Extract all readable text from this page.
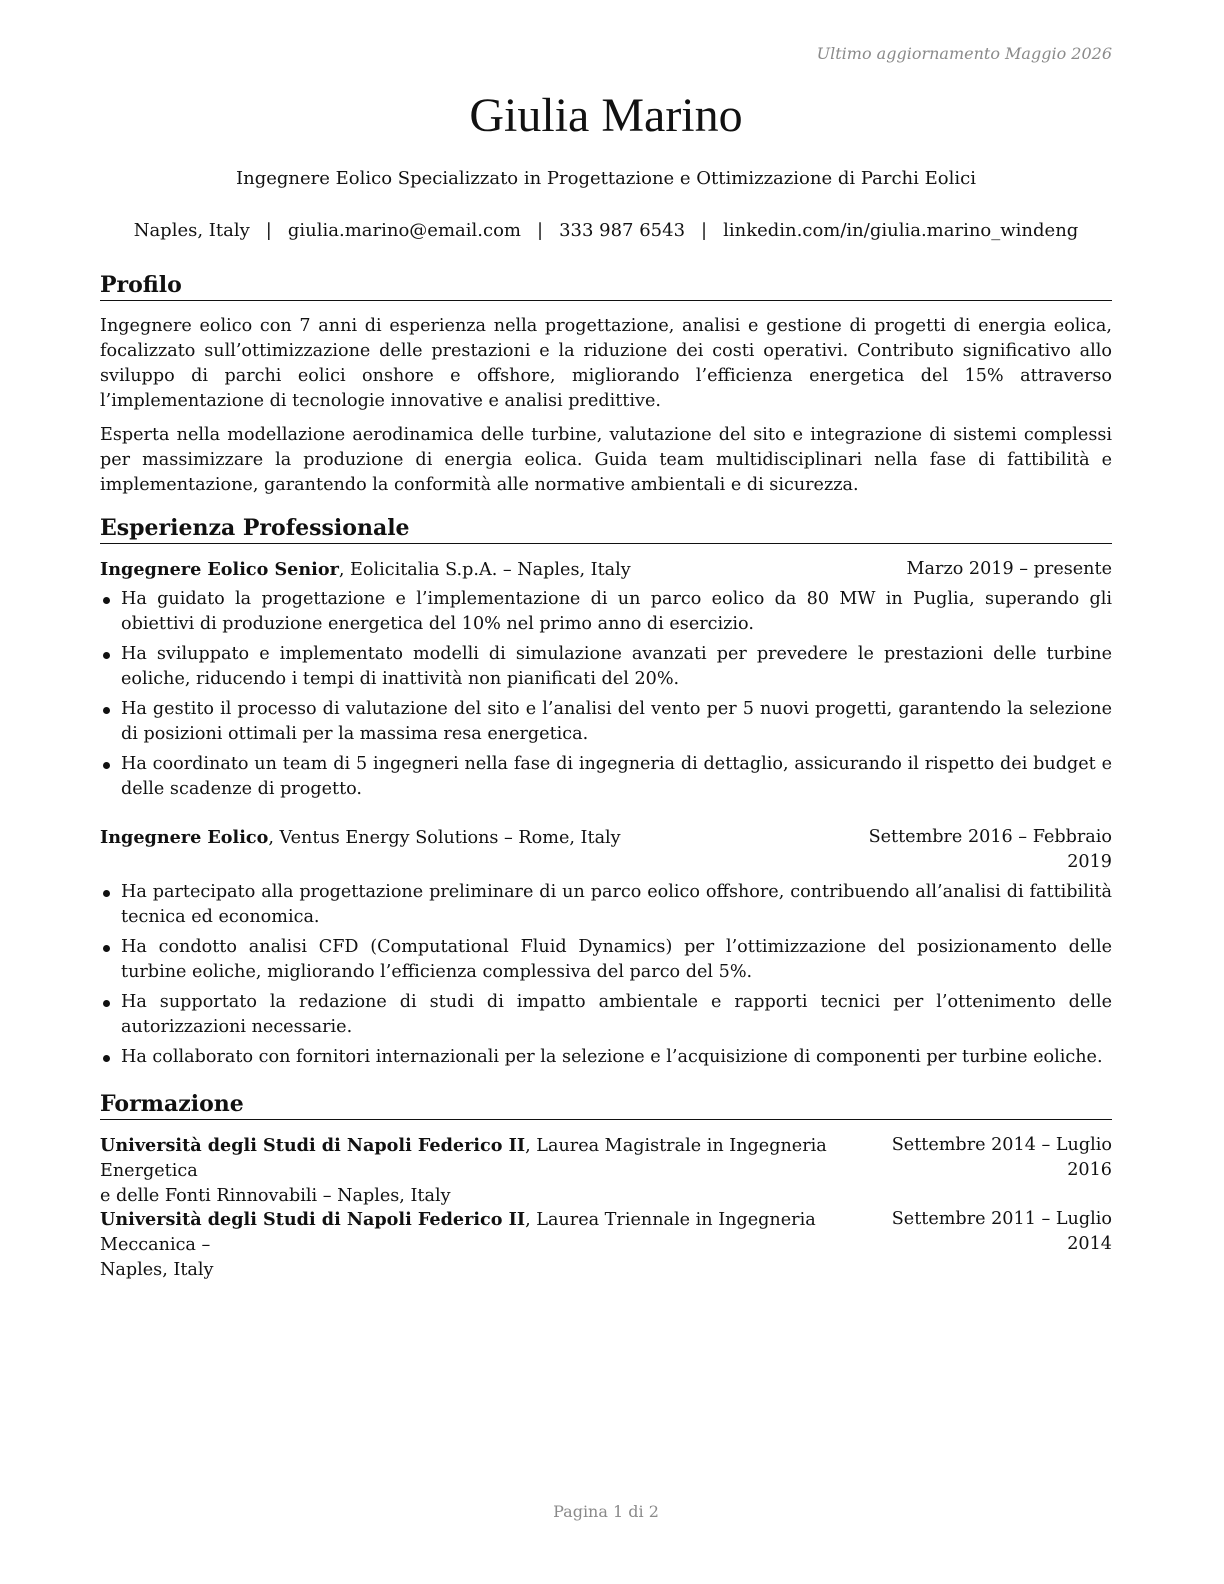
Ultimo aggiornamento Maggio 2026
Giulia Marino
Ingegnere Eolico Specializzato in Progettazione e Ottimizzazione di Parchi Eolici
Naples, Italy | giulia.marino@email.com | 333 987 6543 | linkedin.com/in/giulia.marino_windeng
Profilo

Ingegnere eolico con 7 anni di esperienza nella progettazione, analisi e gestione di progetti di energia eolica, focalizzato sull’ottimizzazione delle prestazioni e la riduzione dei costi operativi. Contributo significativo allo sviluppo di parchi eolici onshore e offshore, migliorando l’efficienza energetica del 15% attraverso l’implementazione di tecnologie innovative e analisi predittive.

Esperta nella modellazione aerodinamica delle turbine, valutazione del sito e integrazione di sistemi complessi per massimizzare la produzione di energia eolica. Guida team multidisciplinari nella fase di fattibilità e implementazione, garantendo la conformità alle normative ambientali e di sicurezza.

Esperienza Professionale
Ingegnere Eolico Senior, Eolicitalia S.p.A. – Naples, Italy	Marzo 2019 – presente
Ha guidato la progettazione e l’implementazione di un parco eolico da 80 MW in Puglia, superando gli obiettivi di produzione energetica del 10% nel primo anno di esercizio.
Ha sviluppato e implementato modelli di simulazione avanzati per prevedere le prestazioni delle turbine eoliche, riducendo i tempi di inattività non pianificati del 20%.
Ha gestito il processo di valutazione del sito e l’analisi del vento per 5 nuovi progetti, garantendo la selezione di posizioni ottimali per la massima resa energetica.
Ha coordinato un team di 5 ingegneri nella fase di ingegneria di dettaglio, assicurando il rispetto dei budget e delle scadenze di progetto.
Ingegnere Eolico, Ventus Energy Solutions – Rome, Italy	Settembre 2016 – Febbraio
2019
Ha partecipato alla progettazione preliminare di un parco eolico offshore, contribuendo all’analisi di fattibilità tecnica ed economica.
Ha condotto analisi CFD (Computational Fluid Dynamics) per l’ottimizzazione del posizionamento delle turbine eoliche, migliorando l’efficienza complessiva del parco del 5%.
Ha supportato la redazione di studi di impatto ambientale e rapporti tecnici per l’ottenimento delle autorizzazioni necessarie.
Ha collaborato con fornitori internazionali per la selezione e l’acquisizione di componenti per turbine eoliche.
Formazione
Università degli Studi di Napoli Federico II, Laurea Magistrale in Ingegneria Energetica
e delle Fonti Rinnovabili – Naples, Italy
Settembre 2014 – Luglio
2016
Università degli Studi di Napoli Federico II, Laurea Triennale in Ingegneria Meccanica –
Naples, Italy
Settembre 2011 – Luglio
2014
Pagina 1 di 2
